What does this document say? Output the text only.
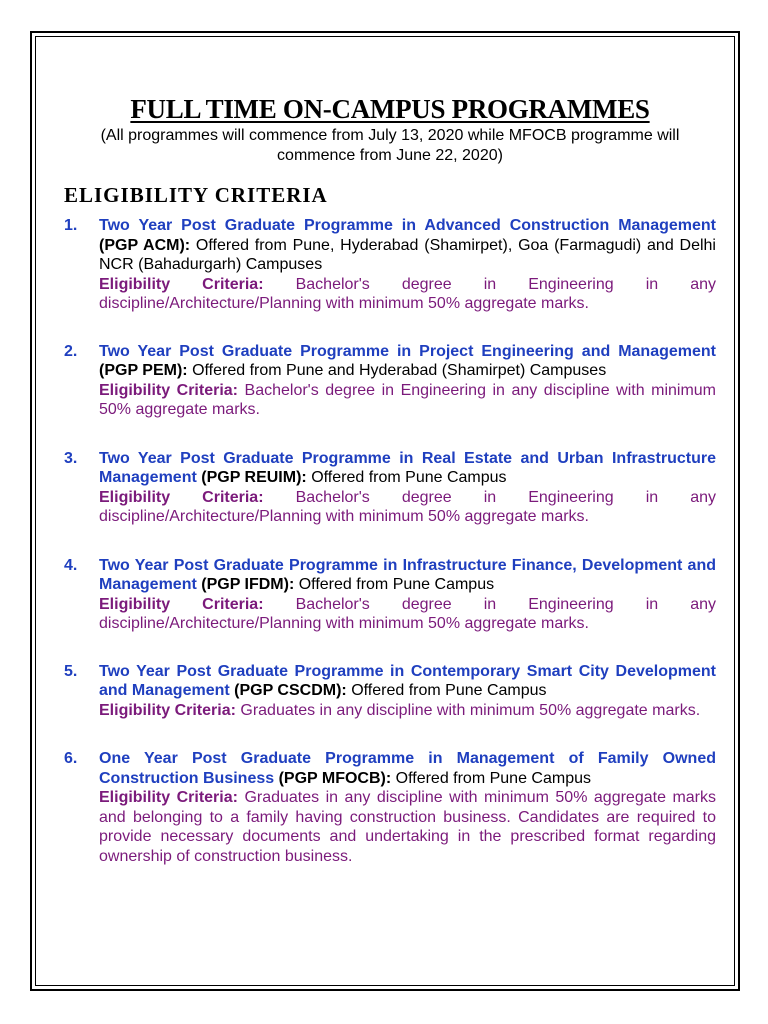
FULL TIME ON-CAMPUS PROGRAMMES

(All programmes will commence from July 13, 2020 while MFOCB programme will commence from June 22, 2020)

ELIGIBILITY CRITERIA
1. Two Year Post Graduate Programme in Advanced Construction Management (PGP ACM): Offered from Pune, Hyderabad (Shamirpet), Goa (Farmagudi) and Delhi NCR (Bahadurgarh) Campuses
Eligibility Criteria: Bachelor's degree in Engineering in any discipline/Architecture/Planning with minimum 50% aggregate marks.
2. Two Year Post Graduate Programme in Project Engineering and Management (PGP PEM): Offered from Pune and Hyderabad (Shamirpet) Campuses
Eligibility Criteria: Bachelor's degree in Engineering in any discipline with minimum 50% aggregate marks.
3. Two Year Post Graduate Programme in Real Estate and Urban Infrastructure Management (PGP REUIM): Offered from Pune Campus
Eligibility Criteria: Bachelor's degree in Engineering in any discipline/Architecture/Planning with minimum 50% aggregate marks.
4. Two Year Post Graduate Programme in Infrastructure Finance, Development and Management (PGP IFDM): Offered from Pune Campus
Eligibility Criteria: Bachelor's degree in Engineering in any discipline/Architecture/Planning with minimum 50% aggregate marks.
5. Two Year Post Graduate Programme in Contemporary Smart City Development and Management (PGP CSCDM): Offered from Pune Campus
Eligibility Criteria: Graduates in any discipline with minimum 50% aggregate marks.
6. One Year Post Graduate Programme in Management of Family Owned Construction Business (PGP MFOCB): Offered from Pune Campus
Eligibility Criteria: Graduates in any discipline with minimum 50% aggregate marks and belonging to a family having construction business. Candidates are required to provide necessary documents and undertaking in the prescribed format regarding ownership of construction business.
